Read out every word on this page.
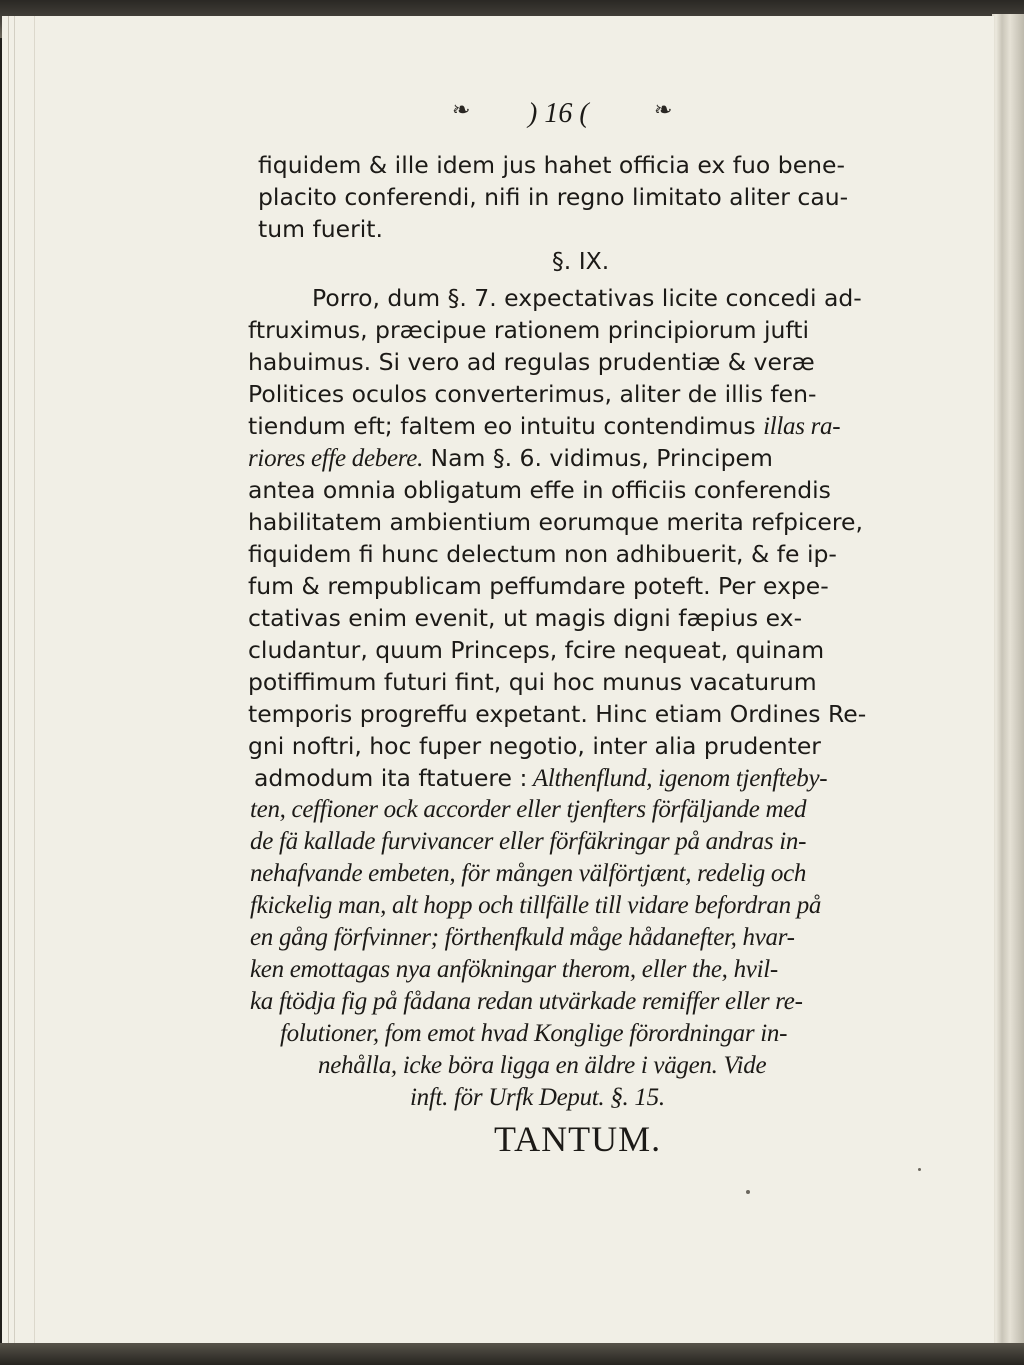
❧ ) 16 (	❧
fiquidem & ille idem jus hahet officia ex fuo bene-
placito conferendi, nifi in regno limitato aliter cau-
tum fuerit.
§. IX.
Porro, dum §. 7. expectativas licite concedi ad-
ftruximus, præcipue rationem principiorum jufti
habuimus. Si vero ad regulas prudentiæ & veræ
Politices oculos converterimus, aliter de illis fen-
tiendum eft; faltem eo intuitu contendimus illas ra-
riores effe debere. Nam §. 6. vidimus, Principem
antea omnia obligatum effe in officiis conferendis
habilitatem ambientium eorumque merita refpicere,
fiquidem fi hunc delectum non adhibuerit, & fe ip-
fum & rempublicam peffumdare poteft. Per expe-
ctativas enim evenit, ut magis digni fæpius ex-
cludantur, quum Princeps, fcire nequeat, quinam
potiffimum futuri fint, qui hoc munus vacaturum
temporis progreffu expetant. Hinc etiam Ordines Re-
gni noftri, hoc fuper negotio, inter alia prudenter
admodum ita ftatuere : Althenflund, igenom tjenfteby-
ten, ceffioner ock accorder eller tjenfters förfäljande med
de fä kallade furvivancer eller förfäkringar på andras in-
nehafvande embeten, för mången välförtjænt, redelig och
fkickelig man, alt hopp och tillfälle till vidare befordran på
en gång förfvinner; förthenfkuld måge hådanefter, hvar-
ken emottagas nya anfökningar therom, eller the, hvil-
ka ftödja fig på fådana redan utvärkade remiffer eller re-
folutioner, fom emot hvad Konglige förordningar in-
nehålla, icke böra ligga en äldre i vägen. Vide
inft. för Urfk Deput. §. 15.
TANTUM.
